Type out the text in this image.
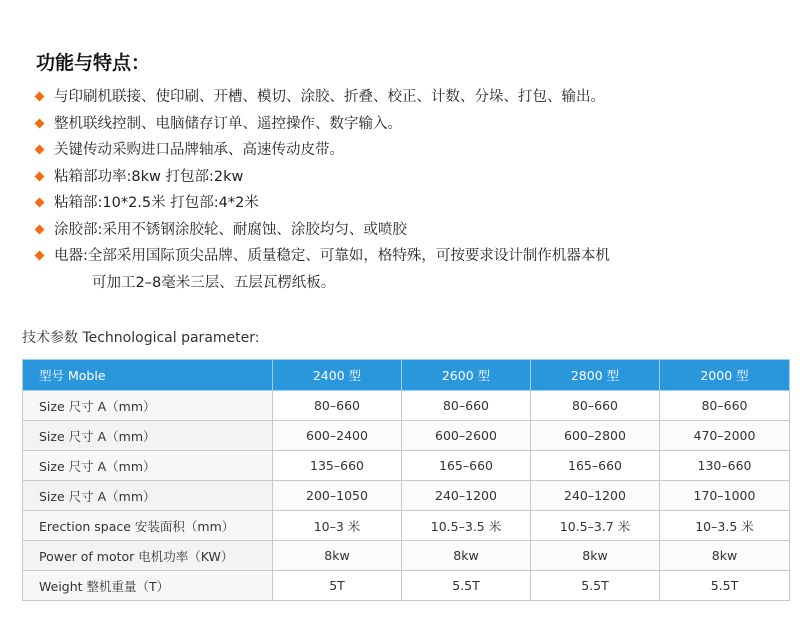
功能与特点：
与印刷机联接、使印刷、开槽、模切、涂胶、折叠、校正、计数、分垛、打包、输出。
整机联线控制、电脑储存订单、遥控操作、数字输入。
关键传动采购进口品牌轴承、高速传动皮带。
粘箱部功率:8kw 打包部:2kw
粘箱部:10*2.5米 打包部:4*2米
涂胶部:采用不锈钢涂胶轮、耐腐蚀、涂胶均匀、或喷胶
电器:全部采用国际顶尖品牌、质量稳定、可靠如，格特殊，可按要求设计制作机器本机
可加工2–8毫米三层、五层瓦楞纸板。
技术参数 Technological parameter:
型号 Moble	2400 型	2600 型	2800 型	2000 型
Size 尺寸 A（mm）	80–660	80–660	80–660	80–660
Size 尺寸 A（mm）	600–2400	600–2600	600–2800	470–2000
Size 尺寸 A（mm）	135–660	165–660	165–660	130–660
Size 尺寸 A（mm）	200–1050	240–1200	240–1200	170–1000
Erection space 安装面积（mm）	10–3 米	10.5–3.5 米	10.5–3.7 米	10–3.5 米
Power of motor 电机功率（KW）	8kw	8kw	8kw	8kw
Weight 整机重量（T）	5T	5.5T	5.5T	5.5T
